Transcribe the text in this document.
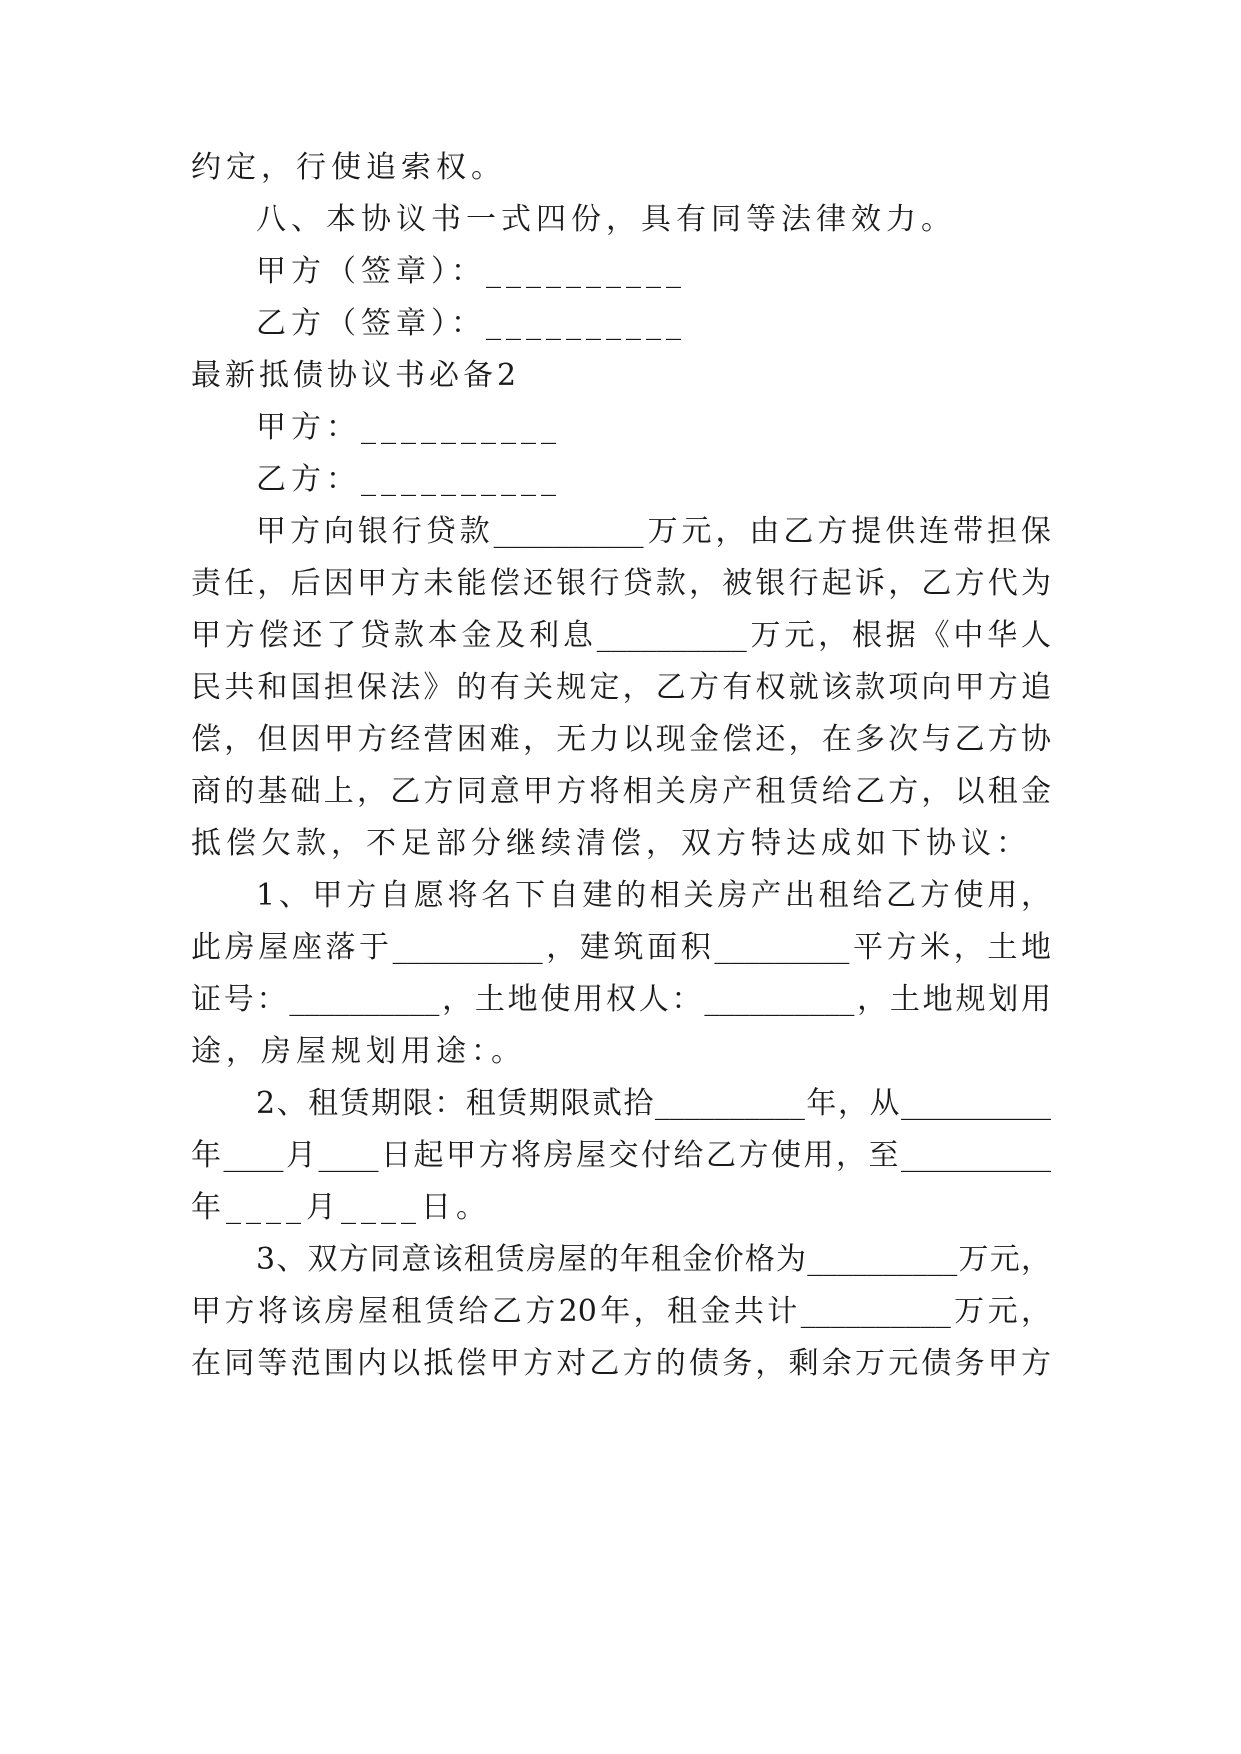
约定，行使追索权。
八、本协议书一式四份，具有同等法律效力。
甲方（签章）：__________
乙方（签章）：__________
最新抵债协议书必备2
甲方：__________
乙方：__________
甲方向银行贷款__________万元，由乙方提供连带担保
责任，后因甲方未能偿还银行贷款，被银行起诉，乙方代为
甲方偿还了贷款本金及利息__________万元，根据《中华人
民共和国担保法》的有关规定，乙方有权就该款项向甲方追
偿，但因甲方经营困难，无力以现金偿还，在多次与乙方协
商的基础上，乙方同意甲方将相关房产租赁给乙方，以租金
抵偿欠款，不足部分继续清偿，双方特达成如下协议：
1、甲方自愿将名下自建的相关房产出租给乙方使用，
此房屋座落于__________，建筑面积_________平方米，土地
证号：__________，土地使用权人：__________，土地规划用
途，房屋规划用途：。
2、租赁期限：租赁期限贰拾__________年，从__________
年____月____日起甲方将房屋交付给乙方使用，至__________
年____月____日。
3、双方同意该租赁房屋的年租金价格为__________万元，
甲方将该房屋租赁给乙方20年，租金共计__________万元，
在同等范围内以抵偿甲方对乙方的债务，剩余万元债务甲方
